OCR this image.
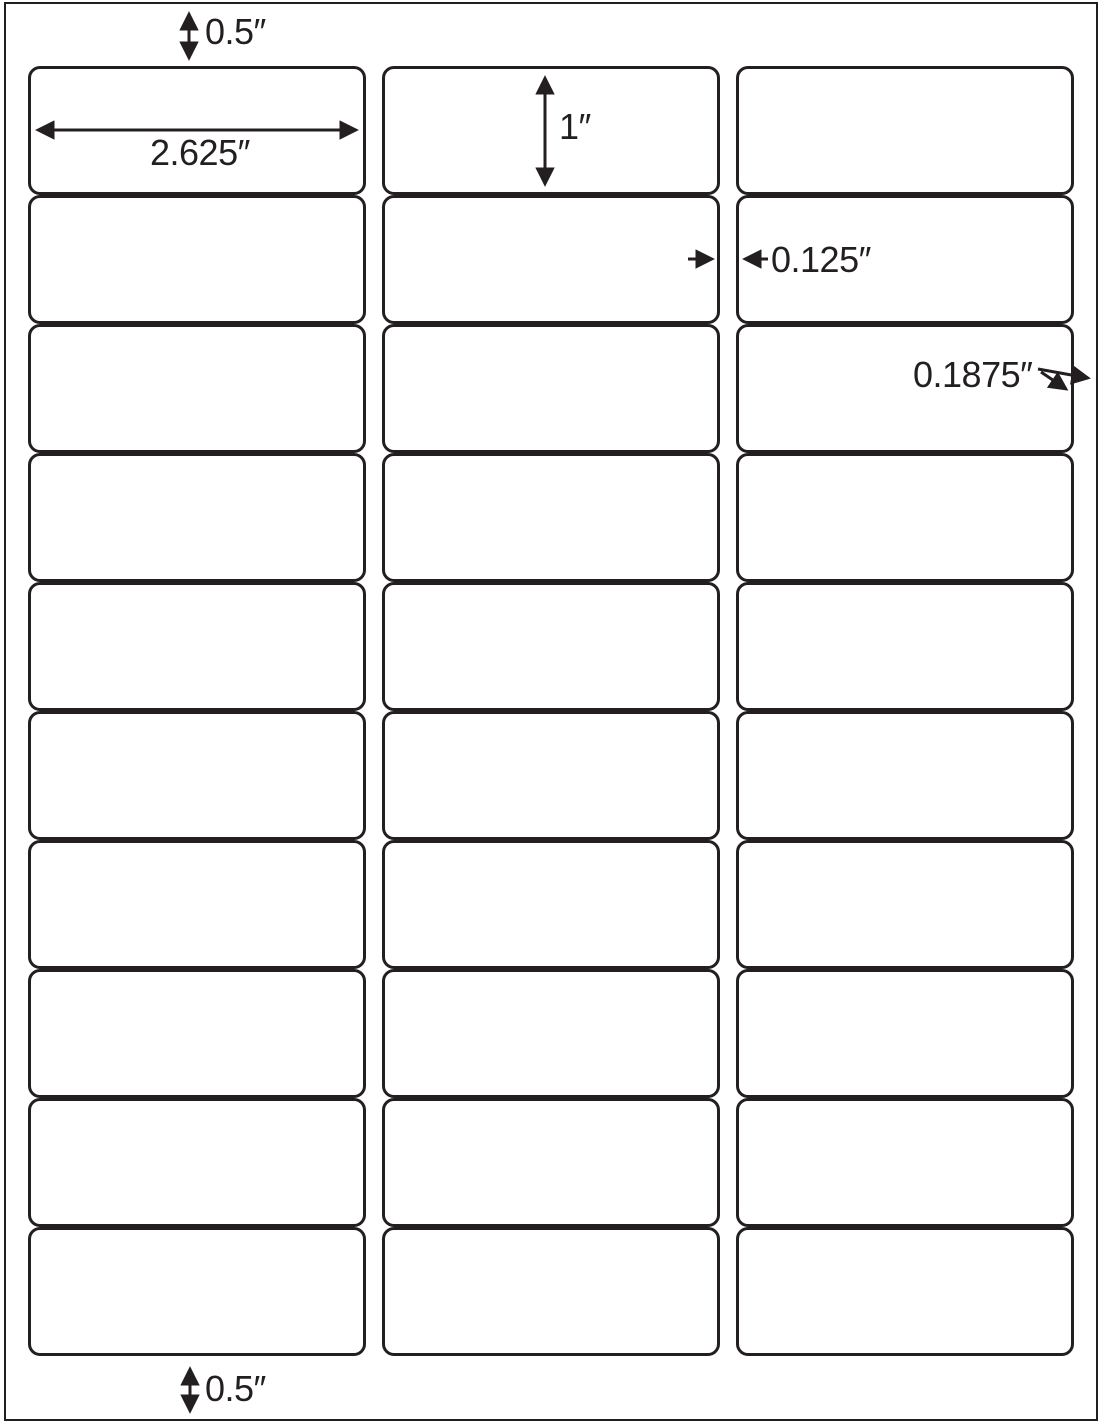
0.5″
2.625″
1″
0.125″
0.1875″
0.5″
